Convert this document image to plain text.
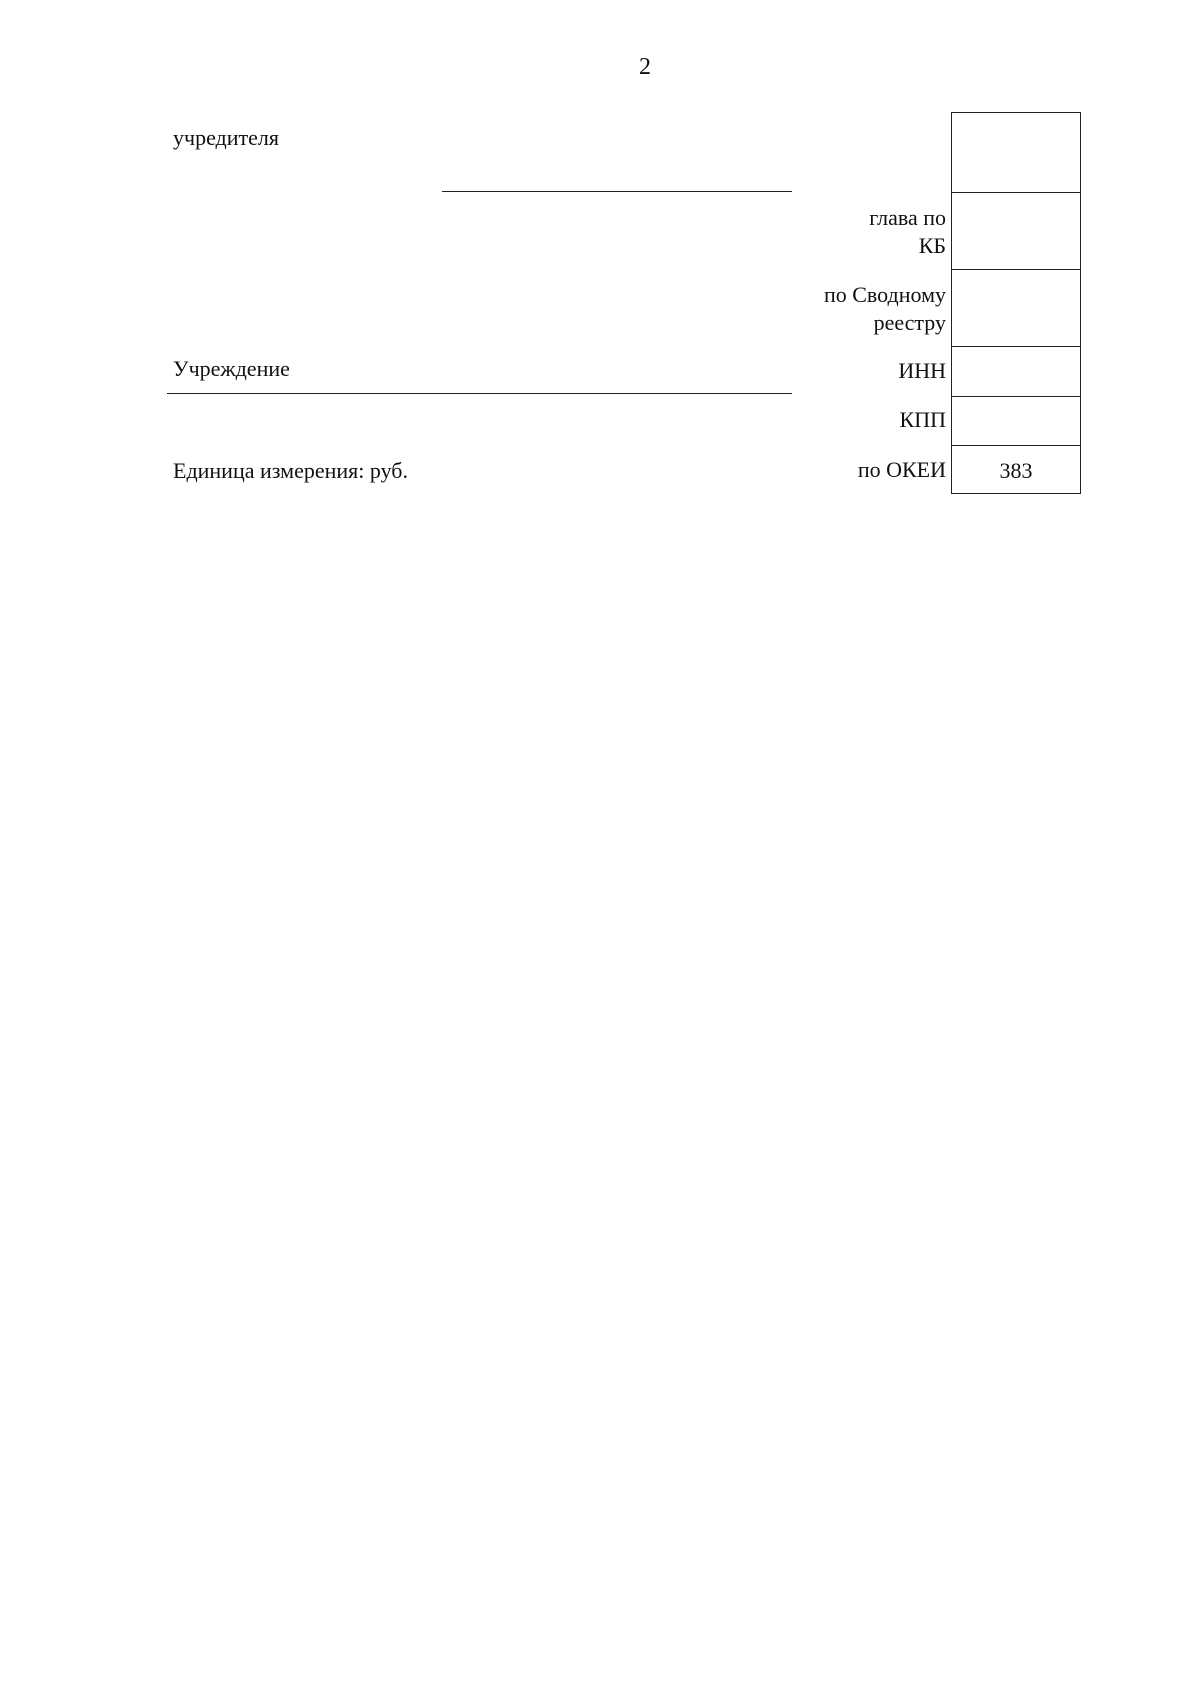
2
учредителя
Учреждение
Единица измерения: руб.
глава по
КБ
по Сводному
реестру
ИНН
КПП
по ОКЕИ	383
